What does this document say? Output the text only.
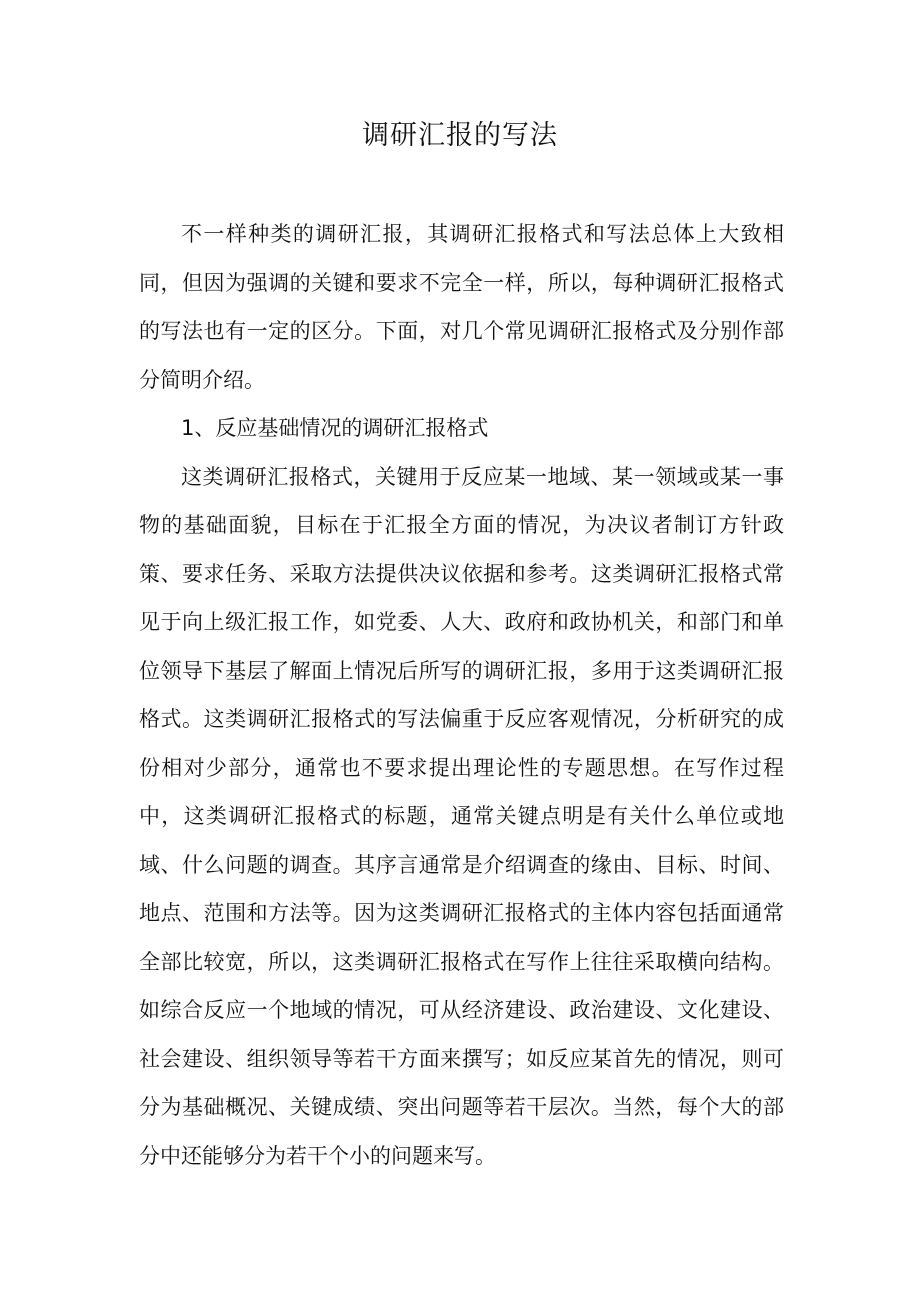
调研汇报的写法

不一样种类的调研汇报，其调研汇报格式和写法总体上大致相同，但因为强调的关键和要求不完全一样，所以，每种调研汇报格式的写法也有一定的区分。下面，对几个常见调研汇报格式及分别作部分简明介绍。

1、反应基础情况的调研汇报格式

这类调研汇报格式，关键用于反应某一地域、某一领域或某一事物的基础面貌，目标在于汇报全方面的情况，为决议者制订方针政策、要求任务、采取方法提供决议依据和参考。这类调研汇报格式常见于向上级汇报工作，如党委、人大、政府和政协机关，和部门和单位领导下基层了解面上情况后所写的调研汇报，多用于这类调研汇报格式。这类调研汇报格式的写法偏重于反应客观情况，分析研究的成份相对少部分，通常也不要求提出理论性的专题思想。在写作过程中，这类调研汇报格式的标题，通常关键点明是有关什么单位或地域、什么问题的调查。其序言通常是介绍调查的缘由、目标、时间、地点、范围和方法等。因为这类调研汇报格式的主体内容包括面通常全部比较宽，所以，这类调研汇报格式在写作上往往采取横向结构。如综合反应一个地域的情况，可从经济建设、政治建设、文化建设、社会建设、组织领导等若干方面来撰写；如反应某首先的情况，则可分为基础概况、关键成绩、突出问题等若干层次。当然，每个大的部分中还能够分为若干个小的问题来写。
